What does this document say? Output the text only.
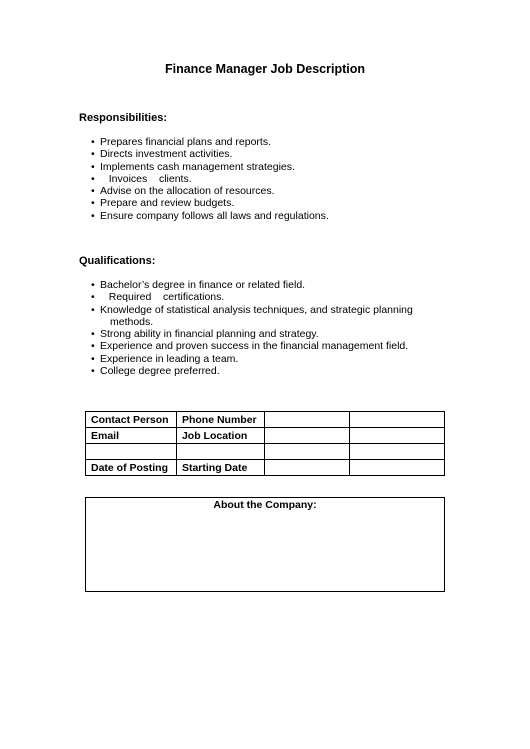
Finance Manager Job Description
Responsibilities:
• Prepares financial plans and reports.
• Directs investment activities.
• Implements cash management strategies.
•    Invoices    clients.
• Advise on the allocation of resources.
• Prepare and review budgets.
• Ensure company follows all laws and regulations.
Qualifications:
• Bachelor’s degree in finance or related field.
•    Required    certifications.
• Knowledge of statistical analysis techniques, and strategic planning
methods.
• Strong ability in financial planning and strategy.
• Experience and proven success in the financial management field.
• Experience in leading a team.
• College degree preferred.
Contact Person	Phone Number		
Email	Job Location		

Date of Posting	Starting Date		
About the Company:
